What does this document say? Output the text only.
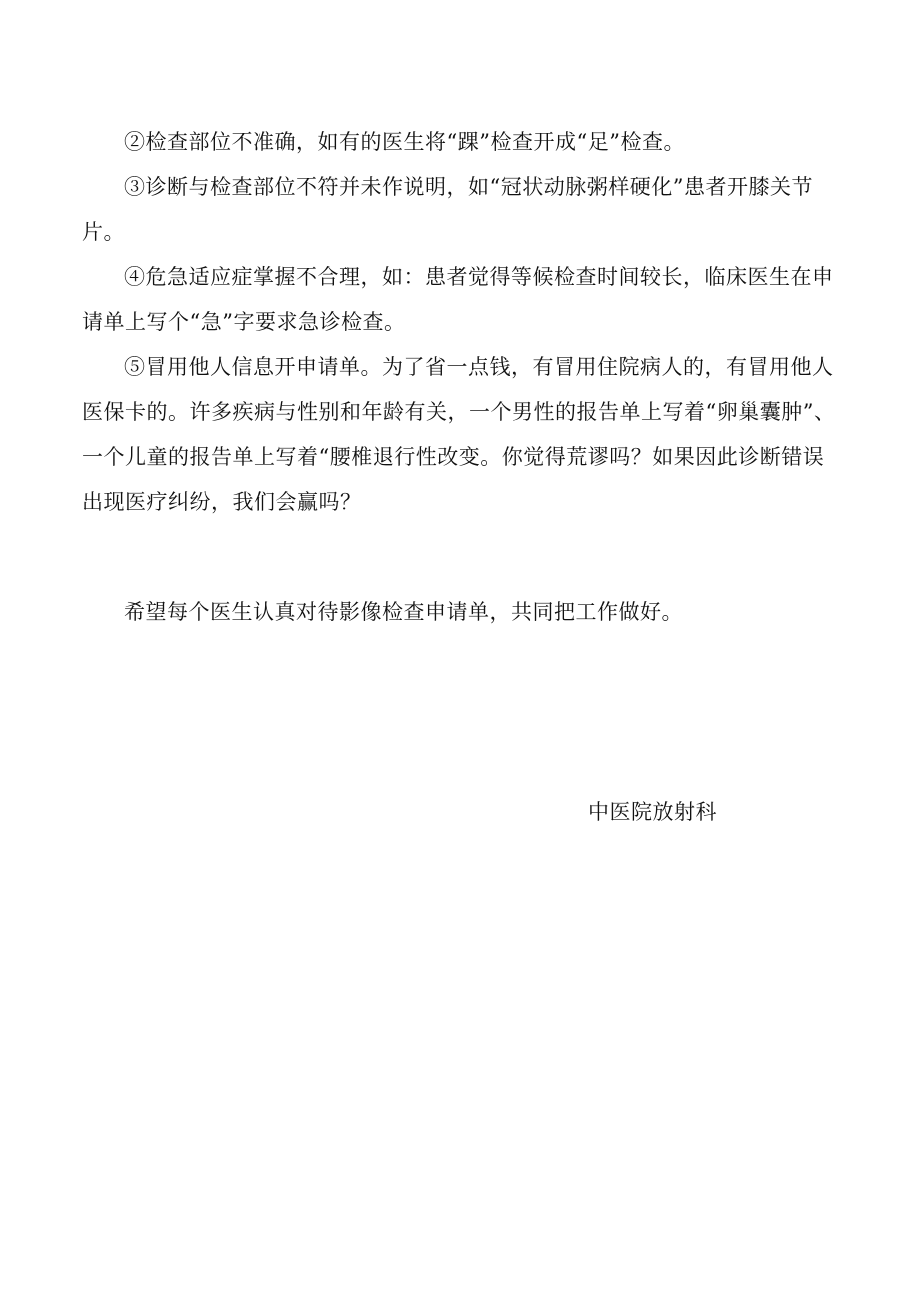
②检查部位不准确，如有的医生将“踝”检查开成“足”检查。

③诊断与检查部位不符并未作说明，如“冠状动脉粥样硬化”患者开膝关节片。

④危急适应症掌握不合理，如：患者觉得等候检查时间较长，临床医生在申请单上写个“急”字要求急诊检查。

⑤冒用他人信息开申请单。为了省一点钱，有冒用住院病人的，有冒用他人医保卡的。许多疾病与性别和年龄有关，一个男性的报告单上写着“卵巢囊肿”、一个儿童的报告单上写着“腰椎退行性改变。你觉得荒谬吗？如果因此诊断错误出现医疗纠纷，我们会赢吗？

希望每个医生认真对待影像检查申请单，共同把工作做好。

中医院放射科
